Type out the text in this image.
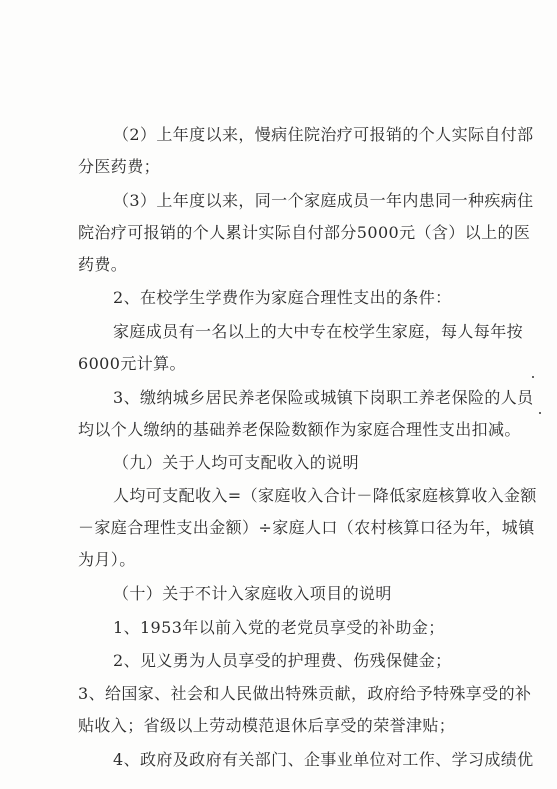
（2）上年度以来，慢病住院治疗可报销的个人实际自付部
分医药费；
（3）上年度以来，同一个家庭成员一年内患同一种疾病住
院治疗可报销的个人累计实际自付部分5000元（含）以上的医
药费。
2、在校学生学费作为家庭合理性支出的条件：
家庭成员有一名以上的大中专在校学生家庭，每人每年按
6000元计算。
3、缴纳城乡居民养老保险或城镇下岗职工养老保险的人员
均以个人缴纳的基础养老保险数额作为家庭合理性支出扣减。
（九）关于人均可支配收入的说明
人均可支配收入=（家庭收入合计－降低家庭核算收入金额
－家庭合理性支出金额）÷家庭人口（农村核算口径为年，城镇
为月）。
（十）关于不计入家庭收入项目的说明
1、1953年以前入党的老党员享受的补助金；
2、见义勇为人员享受的护理费、伤残保健金；
3、给国家、社会和人民做出特殊贡献，政府给予特殊享受的补
贴收入；省级以上劳动模范退休后享受的荣誉津贴；
4、政府及政府有关部门、企事业单位对工作、学习成绩优
